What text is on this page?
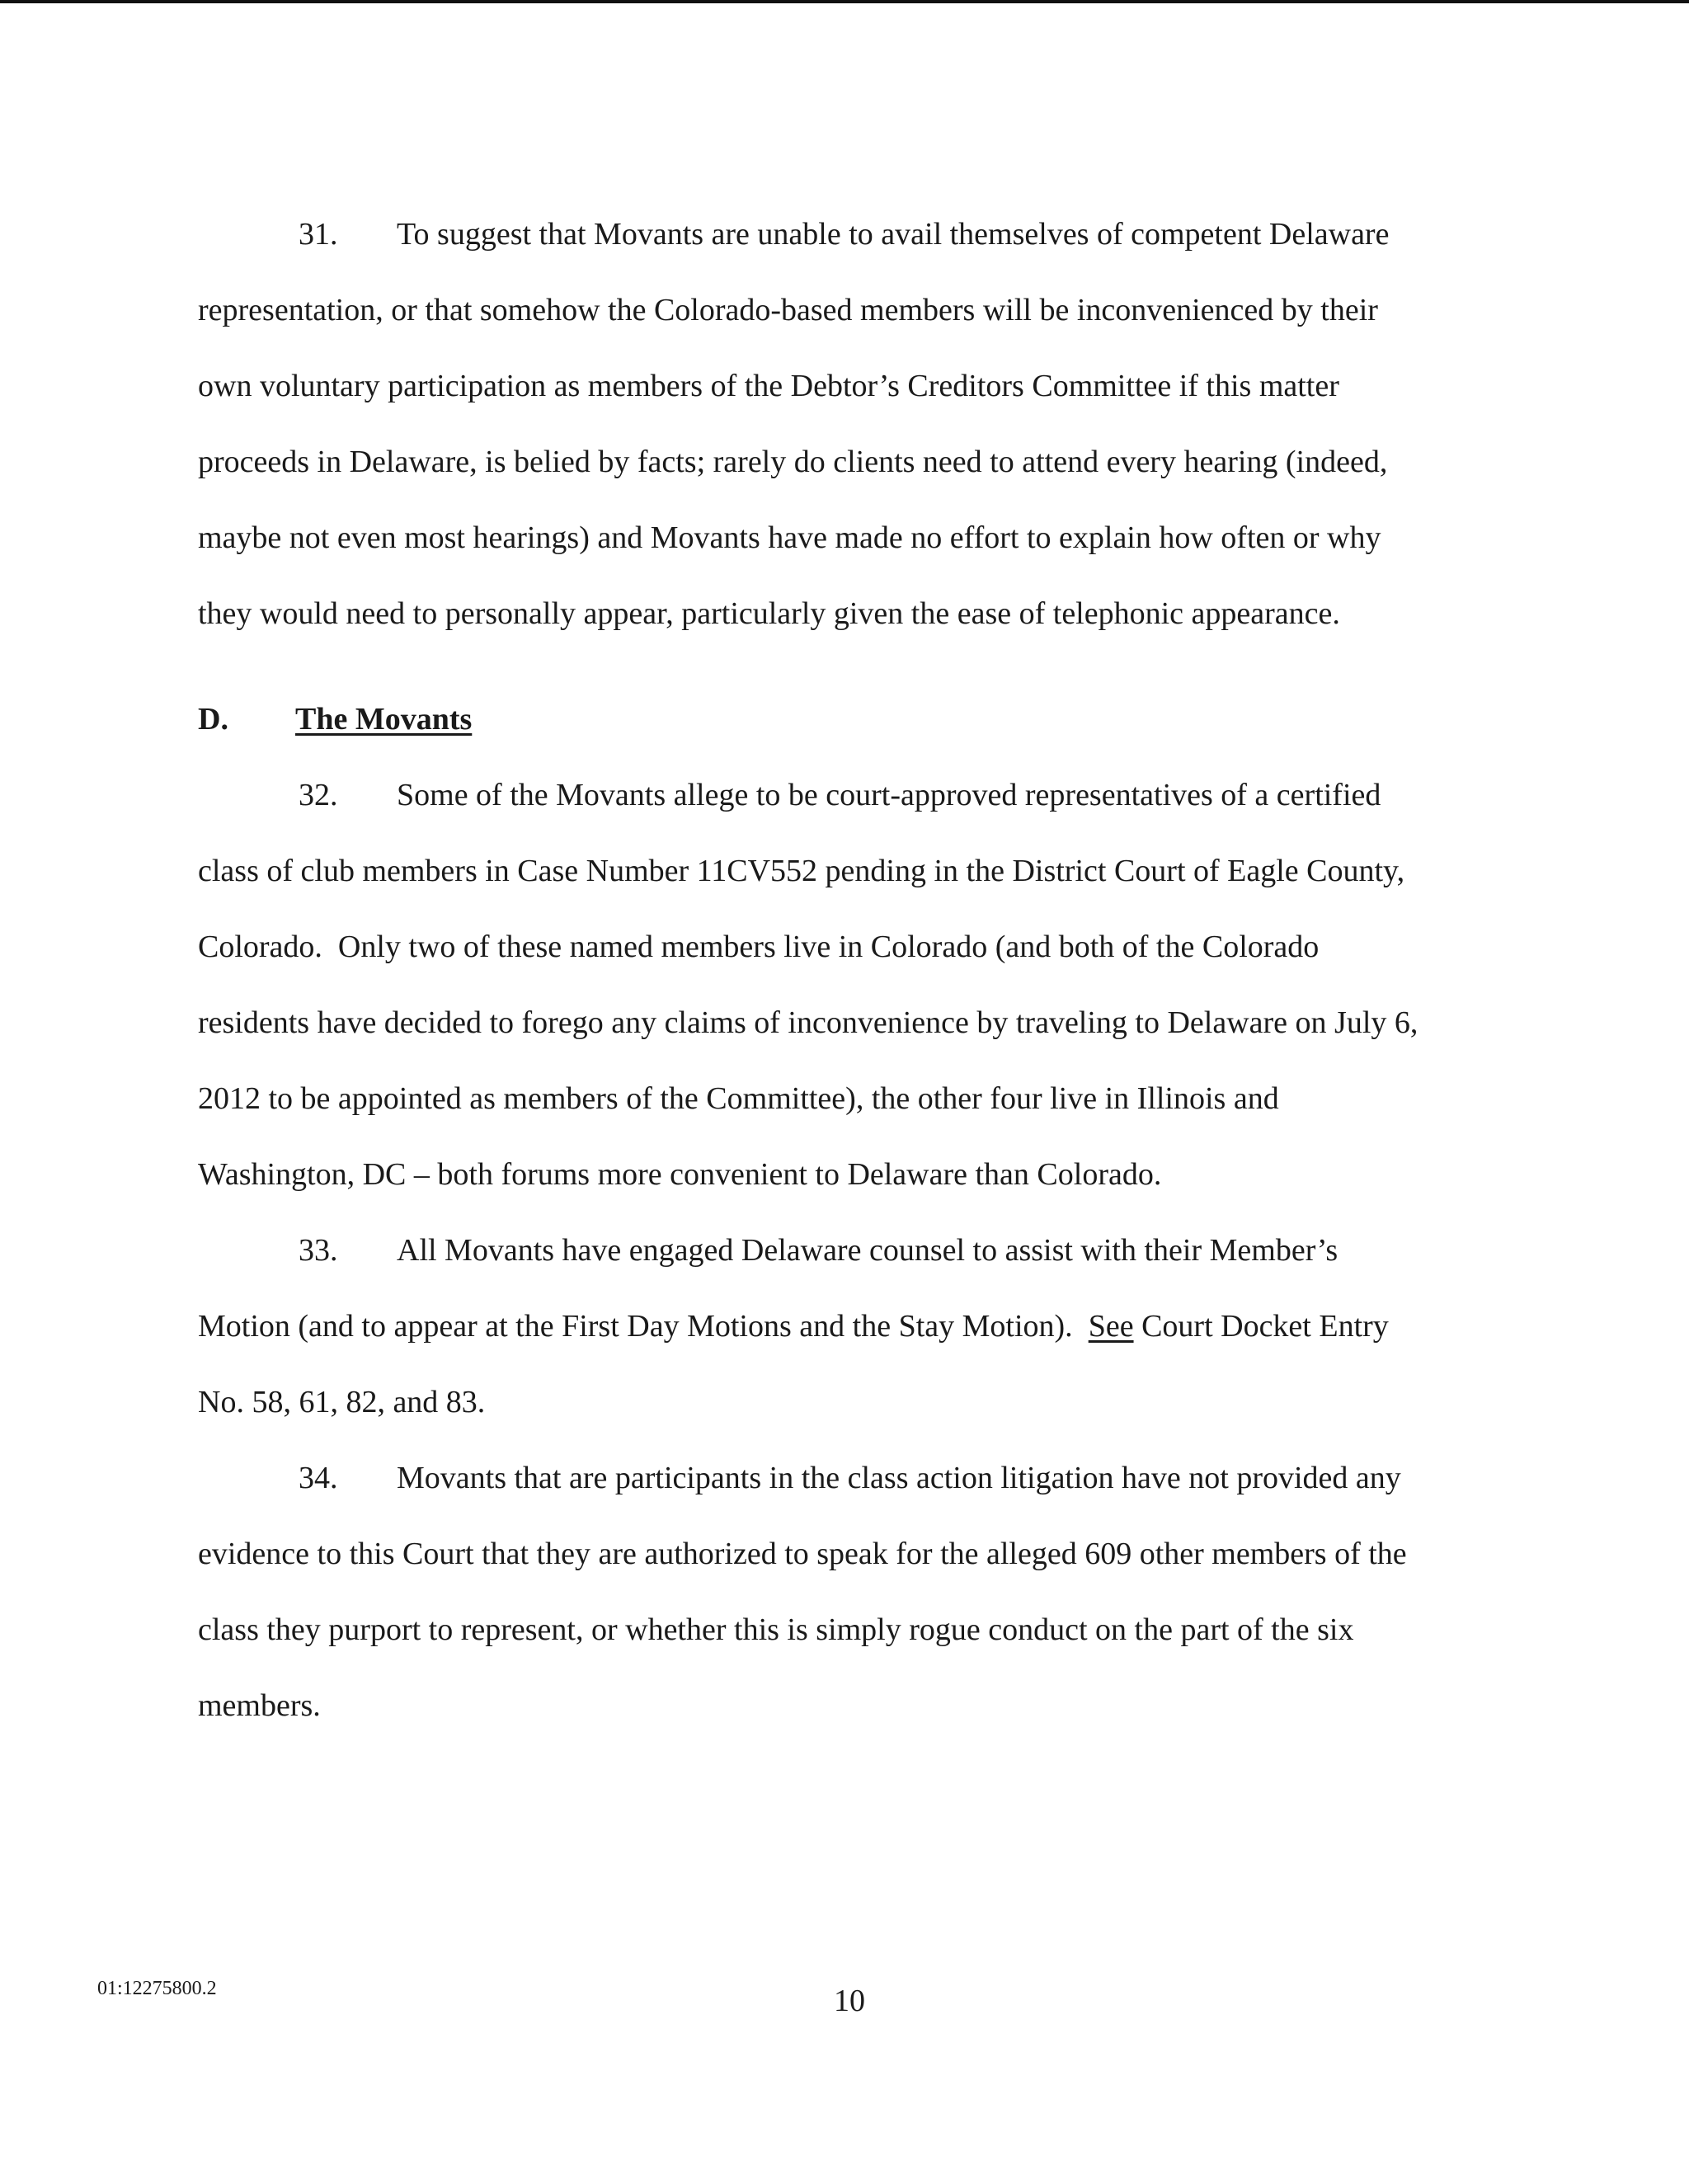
31. To suggest that Movants are unable to avail themselves of competent Delaware
representation, or that somehow the Colorado-based members will be inconvenienced by their
own voluntary participation as members of the Debtor’s Creditors Committee if this matter
proceeds in Delaware, is belied by facts; rarely do clients need to attend every hearing (indeed,
maybe not even most hearings) and Movants have made no effort to explain how often or why
they would need to personally appear, particularly given the ease of telephonic appearance.
D. The Movants
32. Some of the Movants allege to be court-approved representatives of a certified
class of club members in Case Number 11CV552 pending in the District Court of Eagle County,
Colorado.  Only two of these named members live in Colorado (and both of the Colorado
residents have decided to forego any claims of inconvenience by traveling to Delaware on July 6,
2012 to be appointed as members of the Committee), the other four live in Illinois and
Washington, DC – both forums more convenient to Delaware than Colorado.
33. All Movants have engaged Delaware counsel to assist with their Member’s
Motion (and to appear at the First Day Motions and the Stay Motion).  See Court Docket Entry
No. 58, 61, 82, and 83.
34. Movants that are participants in the class action litigation have not provided any
evidence to this Court that they are authorized to speak for the alleged 609 other members of the
class they purport to represent, or whether this is simply rogue conduct on the part of the six
members.
01:12275800.2	10
